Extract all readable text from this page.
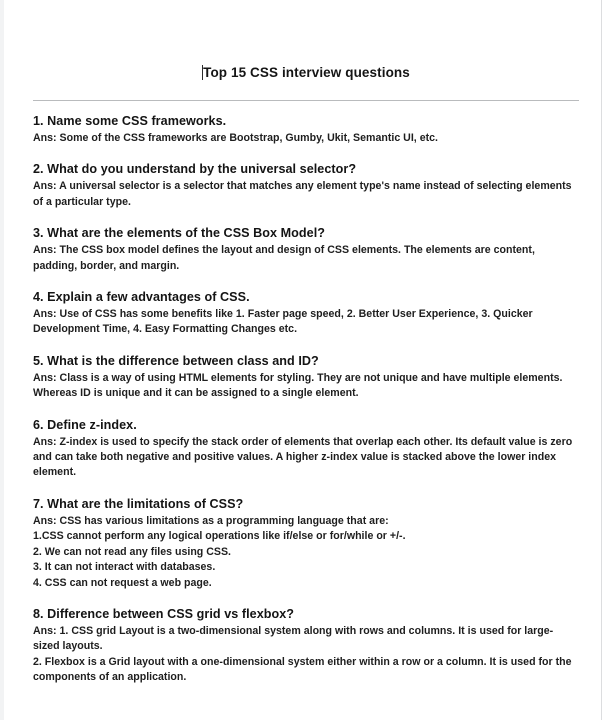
Top 15 CSS interview questions

1. Name some CSS frameworks.

Ans: Some of the CSS frameworks are Bootstrap, Gumby, Ukit, Semantic UI, etc.

2. What do you understand by the universal selector?

Ans: A universal selector is a selector that matches any element type's name instead of selecting elements of a particular type.

3. What are the elements of the CSS Box Model?

Ans: The CSS box model defines the layout and design of CSS elements. The elements are content, padding, border, and margin.

4. Explain a few advantages of CSS.

Ans: Use of CSS has some benefits like 1. Faster page speed, 2. Better User Experience, 3. Quicker Development Time, 4. Easy Formatting Changes etc.

5. What is the difference between class and ID?

Ans: Class is a way of using HTML elements for styling. They are not unique and have multiple elements. Whereas ID is unique and it can be assigned to a single element.

6. Define z-index.

Ans: Z-index is used to specify the stack order of elements that overlap each other. Its default value is zero and can take both negative and positive values. A higher z-index value is stacked above the lower index element.

7. What are the limitations of CSS?

Ans: CSS has various limitations as a programming language that are:
1.CSS cannot perform any logical operations like if/else or for/while or +/-.
2. We can not read any files using CSS.
3. It can not interact with databases.
4. CSS can not request a web page.

8. Difference between CSS grid vs flexbox?

Ans: 1. CSS grid Layout is a two-dimensional system along with rows and columns. It is used for large-sized layouts.
2. Flexbox is a Grid layout with a one-dimensional system either within a row or a column. It is used for the components of an application.
